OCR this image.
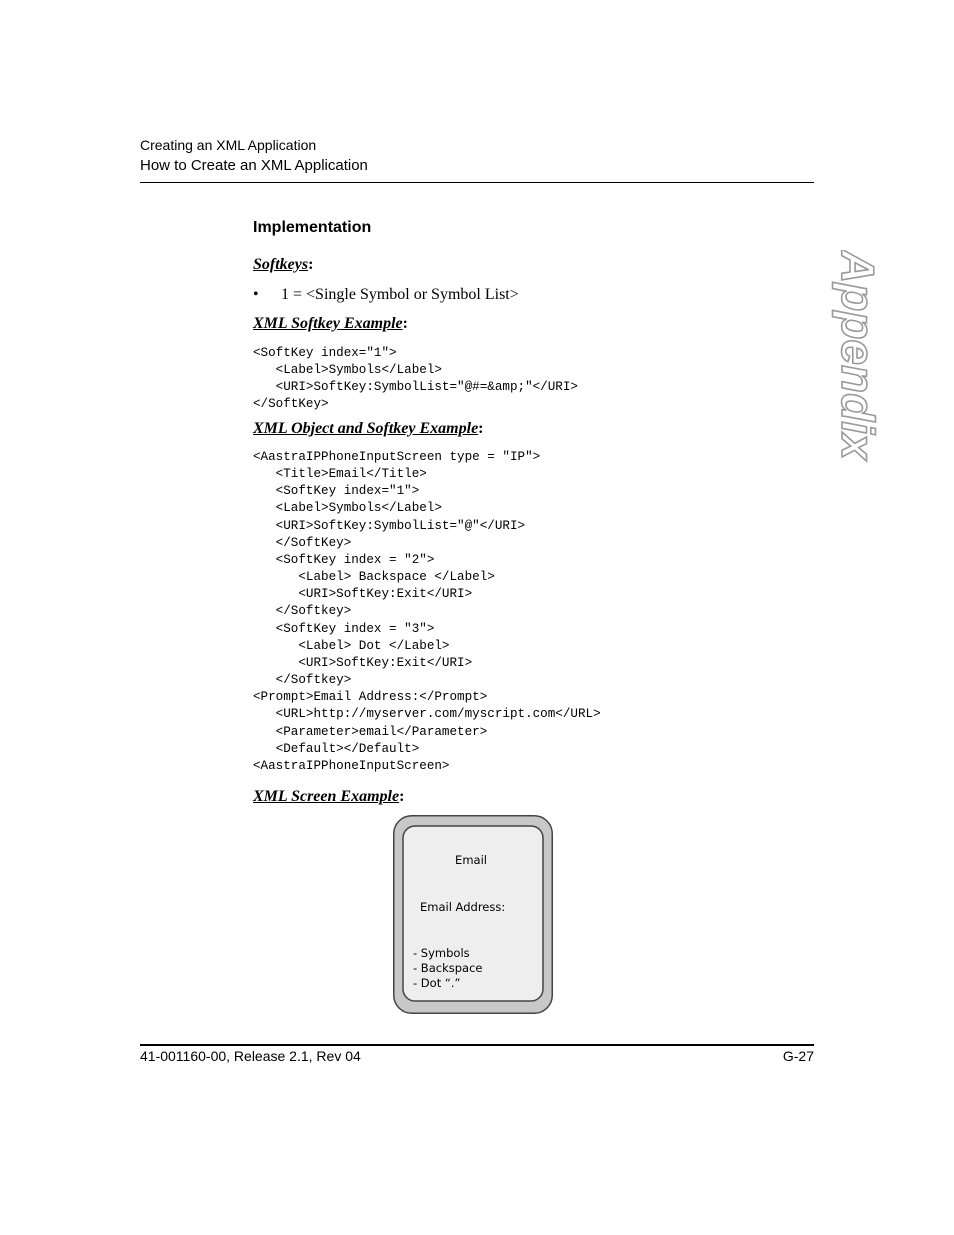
Creating an XML Application
How to Create an XML Application
Appendix G
Implementation
Softkeys:
• 1 = <Single Symbol or Symbol List>
XML Softkey Example:
<SoftKey index="1">
<Label>Symbols</Label>
<URI>SoftKey:SymbolList="@#=&amp;"</URI>
</SoftKey>
XML Object and Softkey Example:
<AastraIPPhoneInputScreen type = "IP">
<Title>Email</Title>
<SoftKey index="1">
<Label>Symbols</Label>
<URI>SoftKey:SymbolList="@"</URI>
</SoftKey>
<SoftKey index = "2">
<Label> Backspace </Label>
<URI>SoftKey:Exit</URI>
</Softkey>
<SoftKey index = "3">
<Label> Dot </Label>
<URI>SoftKey:Exit</URI>
</Softkey>
<Prompt>Email Address:</Prompt>
<URL>http://myserver.com/myscript.com</URL>
<Parameter>email</Parameter>
<Default></Default>
<AastraIPPhoneInputScreen>
XML Screen Example:
Email
Email Address:
- Symbols
- Backspace
- Dot “.”
41-001160-00, Release 2.1, Rev 04	G-27
